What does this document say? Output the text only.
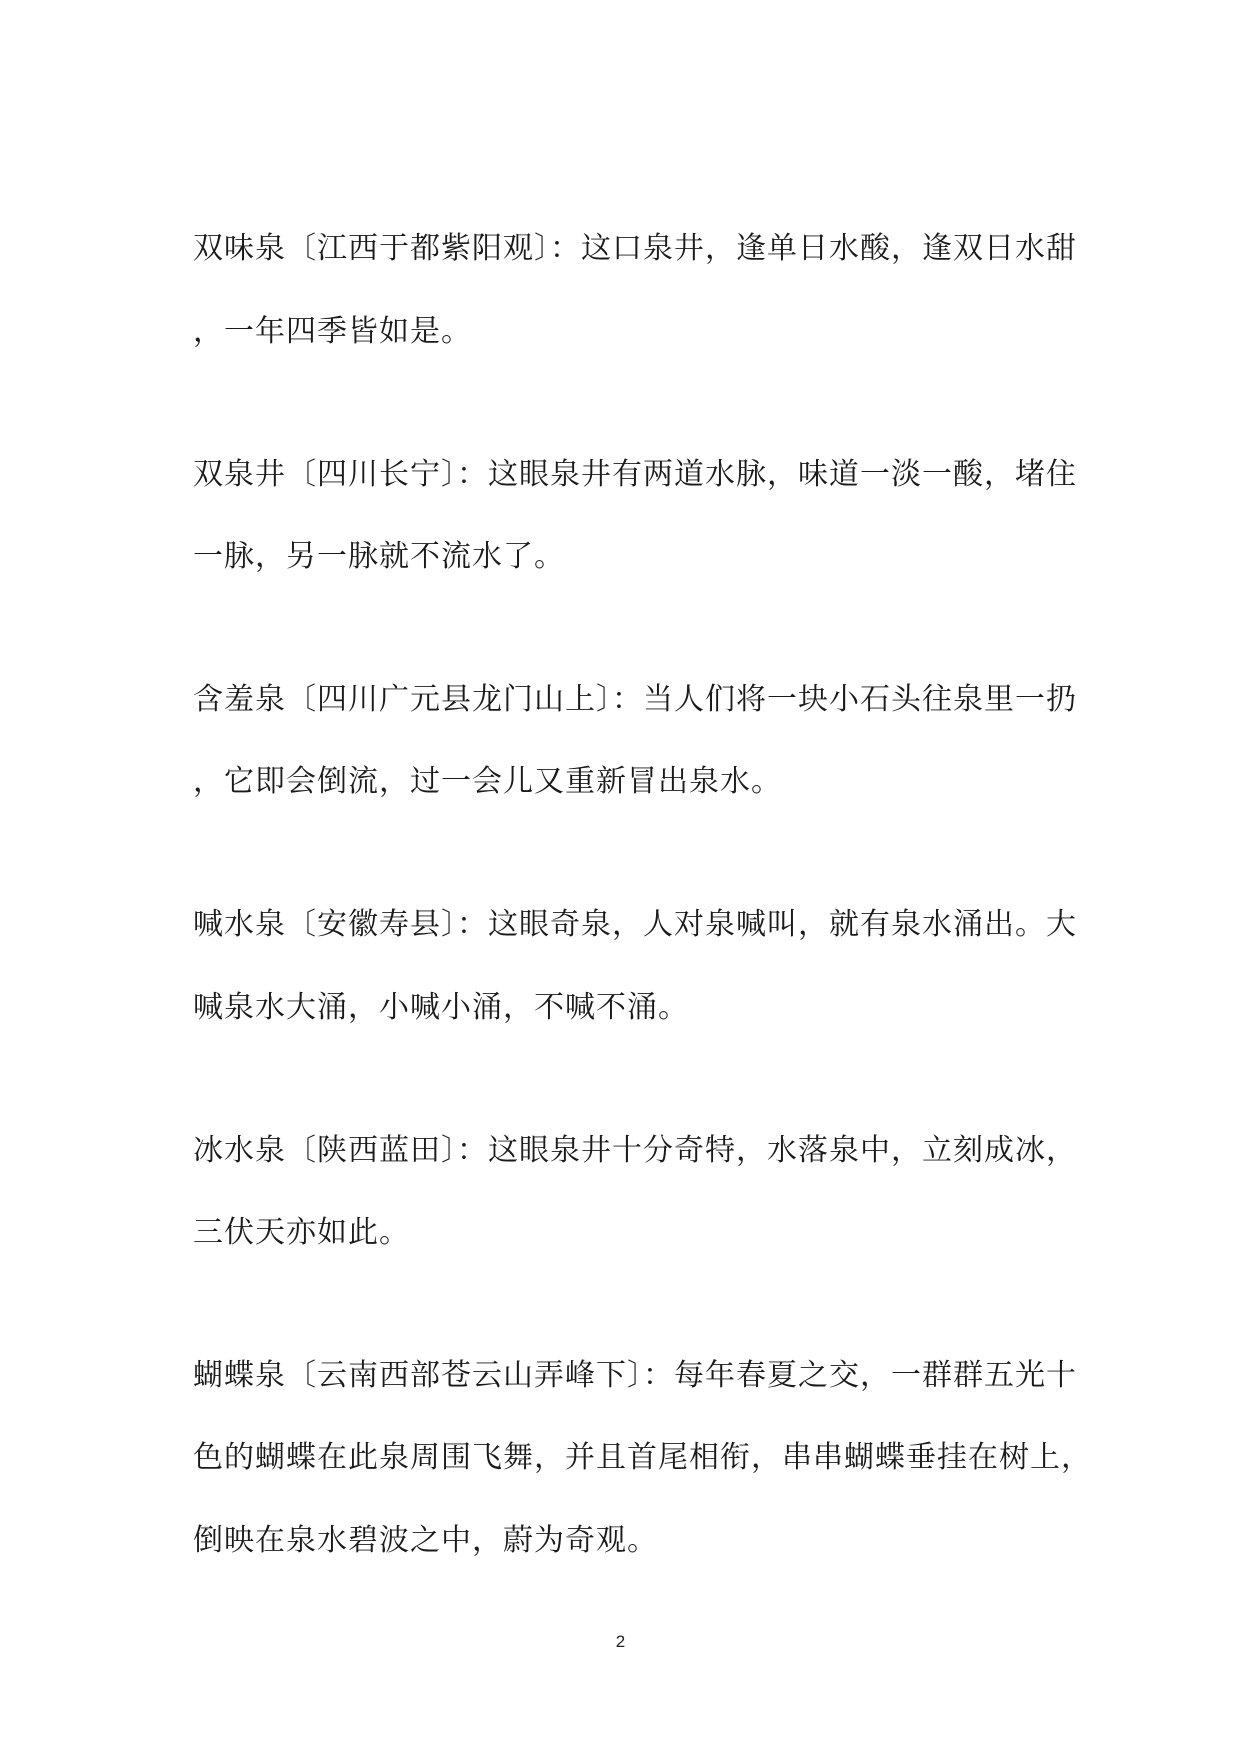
双味泉〔江西于都紫阳观〕：这口泉井，逢单日水酸，逢双日水甜
，一年四季皆如是。
双泉井〔四川长宁〕：这眼泉井有两道水脉，味道一淡一酸，堵住
一脉，另一脉就不流水了。
含羞泉〔四川广元县龙门山上〕：当人们将一块小石头往泉里一扔
，它即会倒流，过一会儿又重新冒出泉水。
喊水泉〔安徽寿县〕：这眼奇泉，人对泉喊叫，就有泉水涌出。大
喊泉水大涌，小喊小涌，不喊不涌。
冰水泉〔陕西蓝田〕：这眼泉井十分奇特，水落泉中，立刻成冰，
三伏天亦如此。
蝴蝶泉〔云南西部苍云山弄峰下〕：每年春夏之交，一群群五光十
色的蝴蝶在此泉周围飞舞，并且首尾相衔，串串蝴蝶垂挂在树上，
倒映在泉水碧波之中，蔚为奇观。
2
